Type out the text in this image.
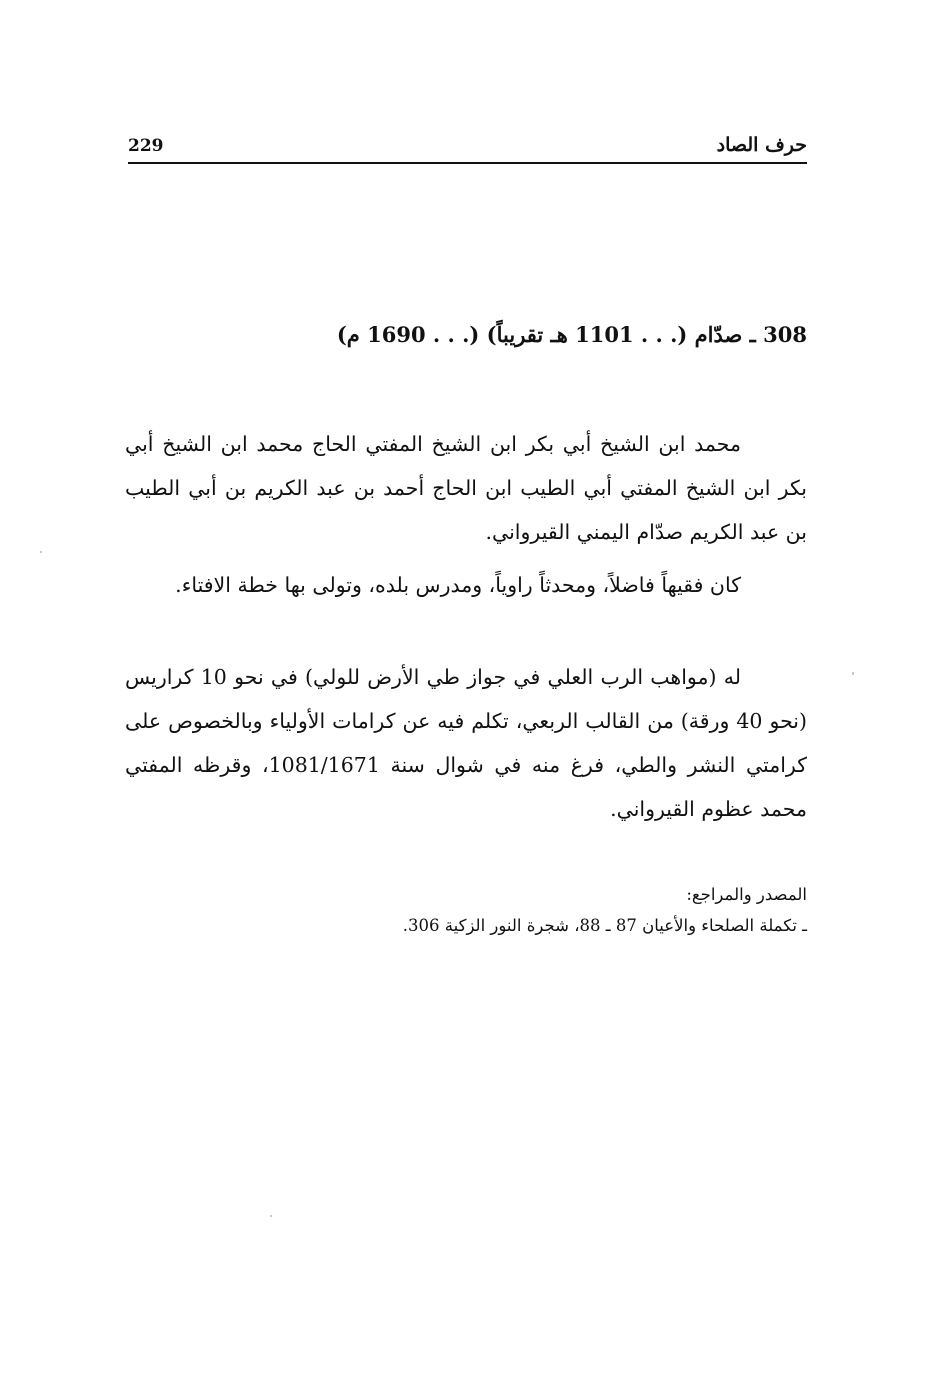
229	حرف الصاد
308 ـ صدّام (. . . 1101 هـ تقريباً) (. . . 1690 م)

محمد ابن الشيخ أبي بكر ابن الشيخ المفتي الحاج محمد ابن الشيخ أبي بكر ابن الشيخ المفتي أبي الطيب ابن الحاج أحمد بن عبد الكريم بن أبي الطيب بن عبد الكريم صدّام اليمني القيرواني.

كان فقيهاً فاضلاً، ومحدثاً راوياً، ومدرس بلده، وتولى بها خطة الافتاء.

له (مواهب الرب العلي في جواز طي الأرض للولي) في نحو 10 كراريس (نحو 40 ورقة) من القالب الربعي، تكلم فيه عن كرامات الأولياء وبالخصوص على كرامتي النشر والطي، فرغ منه في شوال سنة 1081/1671، وقرظه المفتي محمد عظوم القيرواني.

المصدر والمراجع:
ـ تكملة الصلحاء والأعيان 87 ـ 88، شجرة النور الزكية 306.
